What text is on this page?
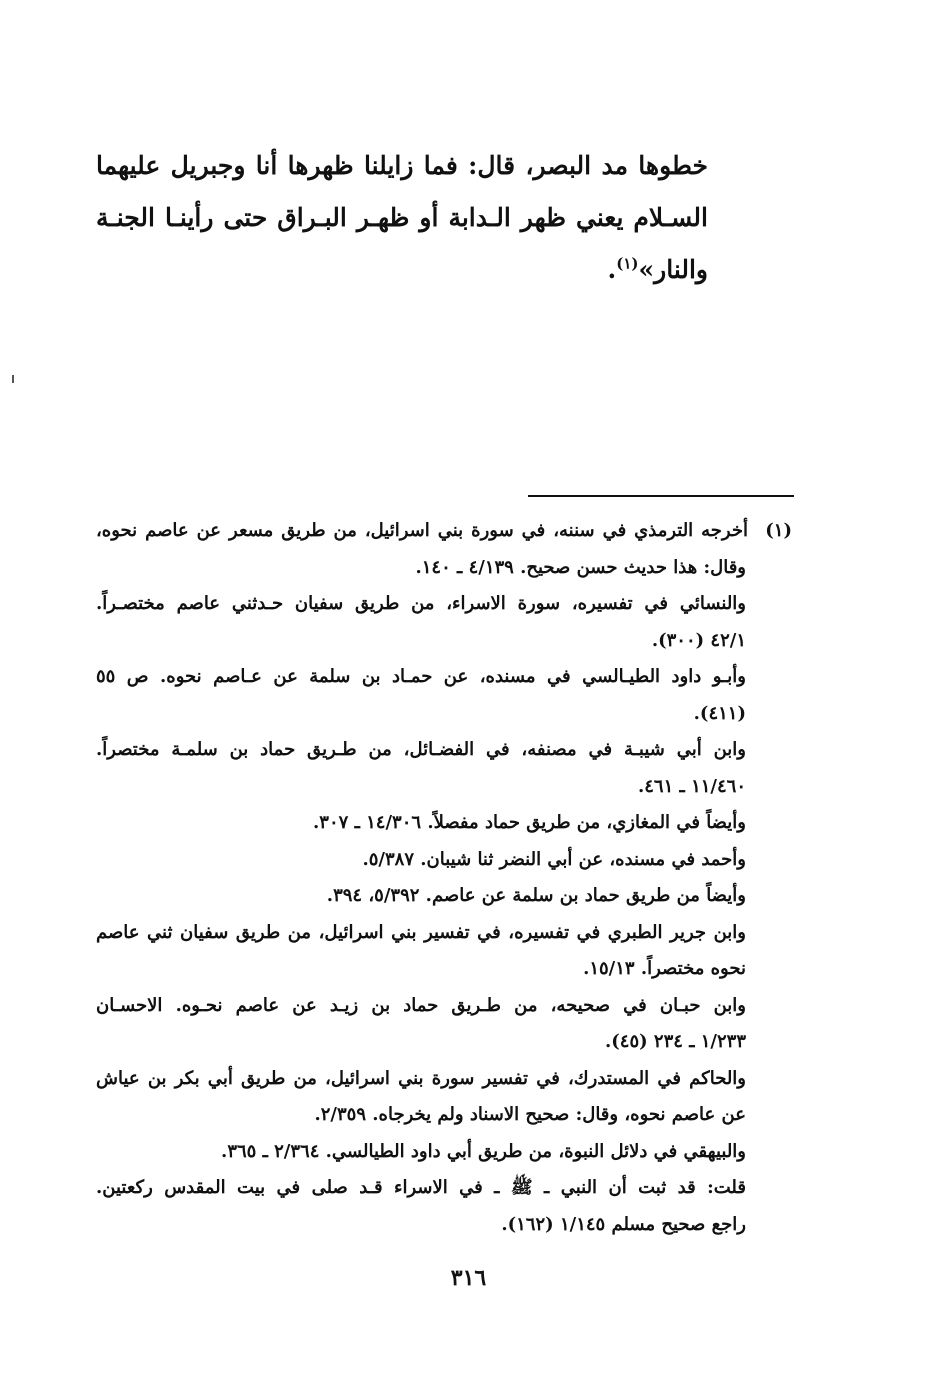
خطوها مد البصر، قال: فما زايلنا ظهرها أنا وجبريل عليهما
السـلام يعني ظهر الـدابة أو ظهـر البـراق حتى رأينـا الجنـة
والنار»$^{(١)}$.
(١)أخرجه الترمذي في سننه، في سورة بني اسرائيل، من طريق مسعر عن عاصم نحوه،
وقال: هذا حديث حسن صحيح. ٤/١٣٩ ـ ١٤٠.
والنسائي في تفسيره، سورة الاسراء، من طريق سفيان حـدثني عاصم مختصـراً.
٤٢/١ (٣٠٠).
وأبـو داود الطيـالسي في مسنده، عن حمـاد بن سلمة عن عـاصم نحوه. ص ٥٥
(٤١١).
وابن أبي شيبـة في مصنفه، في الفضـائل، من طـريق حماد بن سلمـة مختصراً.
١١/٤٦٠ ـ ٤٦١.
وأيضاً في المغازي، من طريق حماد مفصلاً. ١٤/٣٠٦ ـ ٣٠٧.
وأحمد في مسنده، عن أبي النضر ثنا شيبان. ٥/٣٨٧.
وأيضاً من طريق حماد بن سلمة عن عاصم. ٥/٣٩٢، ٣٩٤.
وابن جرير الطبري في تفسيره، في تفسير بني اسرائيل، من طريق سفيان ثني عاصم
نحوه مختصراً. ١٥/١٣.
وابن حبـان في صحيحه، من طـريق حماد بن زيـد عن عاصم نحـوه. الاحسـان
١/٢٣٣ ـ ٢٣٤ (٤٥).
والحاكم في المستدرك، في تفسير سورة بني اسرائيل، من طريق أبي بكر بن عياش
عن عاصم نحوه، وقال: صحيح الاسناد ولم يخرجاه. ٢/٣٥٩.
والبيهقي في دلائل النبوة، من طريق أبي داود الطيالسي. ٢/٣٦٤ ـ ٣٦٥.
قلت: قد ثبت أن النبي ـ ﷺ ـ في الاسراء قـد صلى في بيت المقدس ركعتين.
راجع صحيح مسلم ١/١٤٥ (١٦٢).
٣١٦
